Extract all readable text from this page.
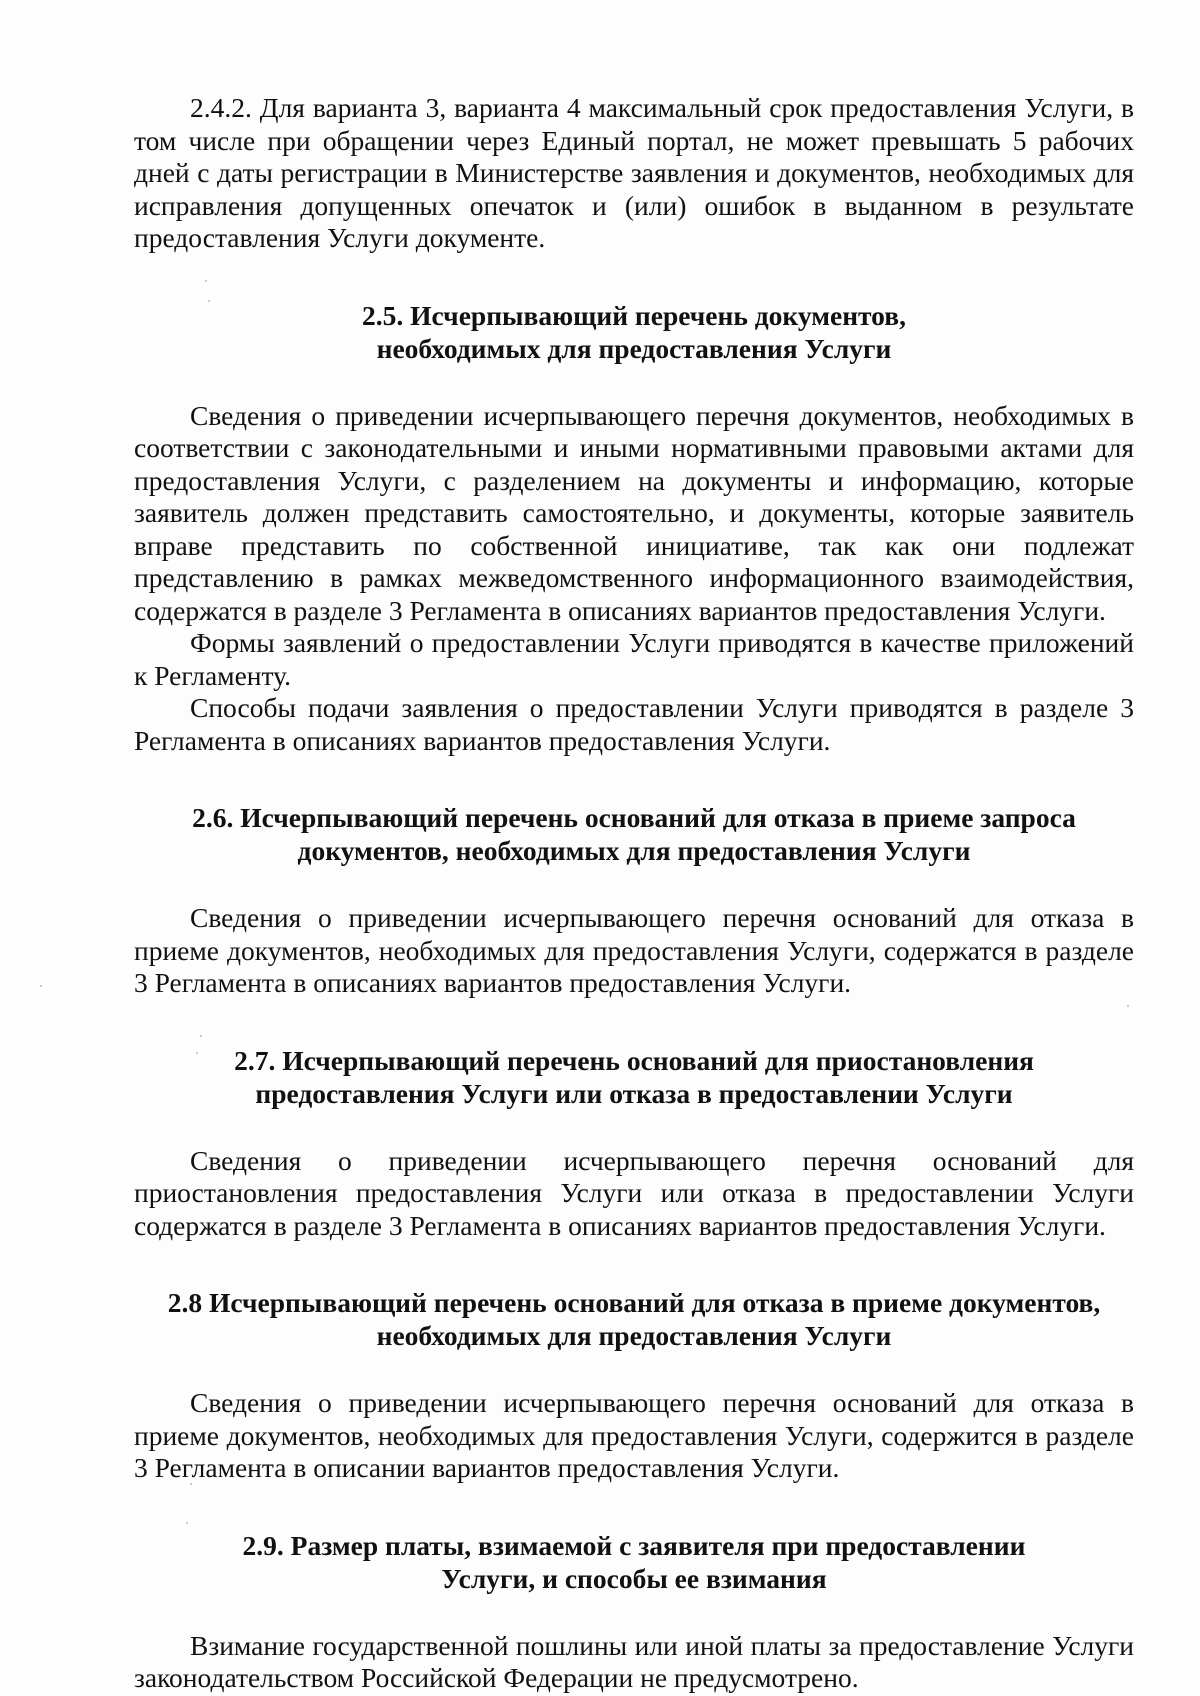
2.4.2. Для варианта 3, варианта 4 максимальный срок предоставления Услуги, в том числе при обращении через Единый портал, не может превышать 5 рабочих дней с даты регистрации в Министерстве заявления и документов, необходимых для исправления допущенных опечаток и (или) ошибок в выданном в результате предоставления Услуги документе.

2.5. Исчерпывающий перечень документов,
необходимых для предоставления Услуги

Сведения о приведении исчерпывающего перечня документов, необходимых в соответствии с законодательными и иными нормативными правовыми актами для предоставления Услуги, с разделением на документы и информацию, которые заявитель должен представить самостоятельно, и документы, которые заявитель вправе представить по собственной инициативе, так как они подлежат представлению в рамках межведомственного информационного взаимодействия, содержатся в разделе 3 Регламента в описаниях вариантов предоставления Услуги.

Формы заявлений о предоставлении Услуги приводятся в качестве приложений к Регламенту.

Способы подачи заявления о предоставлении Услуги приводятся в разделе 3 Регламента в описаниях вариантов предоставления Услуги.

2.6. Исчерпывающий перечень оснований для отказа в приеме запроса
документов, необходимых для предоставления Услуги

Сведения о приведении исчерпывающего перечня оснований для отказа в приеме документов, необходимых для предоставления Услуги, содержатся в разделе 3 Регламента в описаниях вариантов предоставления Услуги.

2.7. Исчерпывающий перечень оснований для приостановления
предоставления Услуги или отказа в предоставлении Услуги

Сведения о приведении исчерпывающего перечня оснований для приостановления предоставления Услуги или отказа в предоставлении Услуги содержатся в разделе 3 Регламента в описаниях вариантов предоставления Услуги.

2.8 Исчерпывающий перечень оснований для отказа в приеме документов,
необходимых для предоставления Услуги

Сведения о приведении исчерпывающего перечня оснований для отказа в приеме документов, необходимых для предоставления Услуги, содержится в разделе 3 Регламента в описании вариантов предоставления Услуги.

2.9. Размер платы, взимаемой с заявителя при предоставлении
Услуги, и способы ее взимания

Взимание государственной пошлины или иной платы за предоставление Услуги законодательством Российской Федерации не предусмотрено.
